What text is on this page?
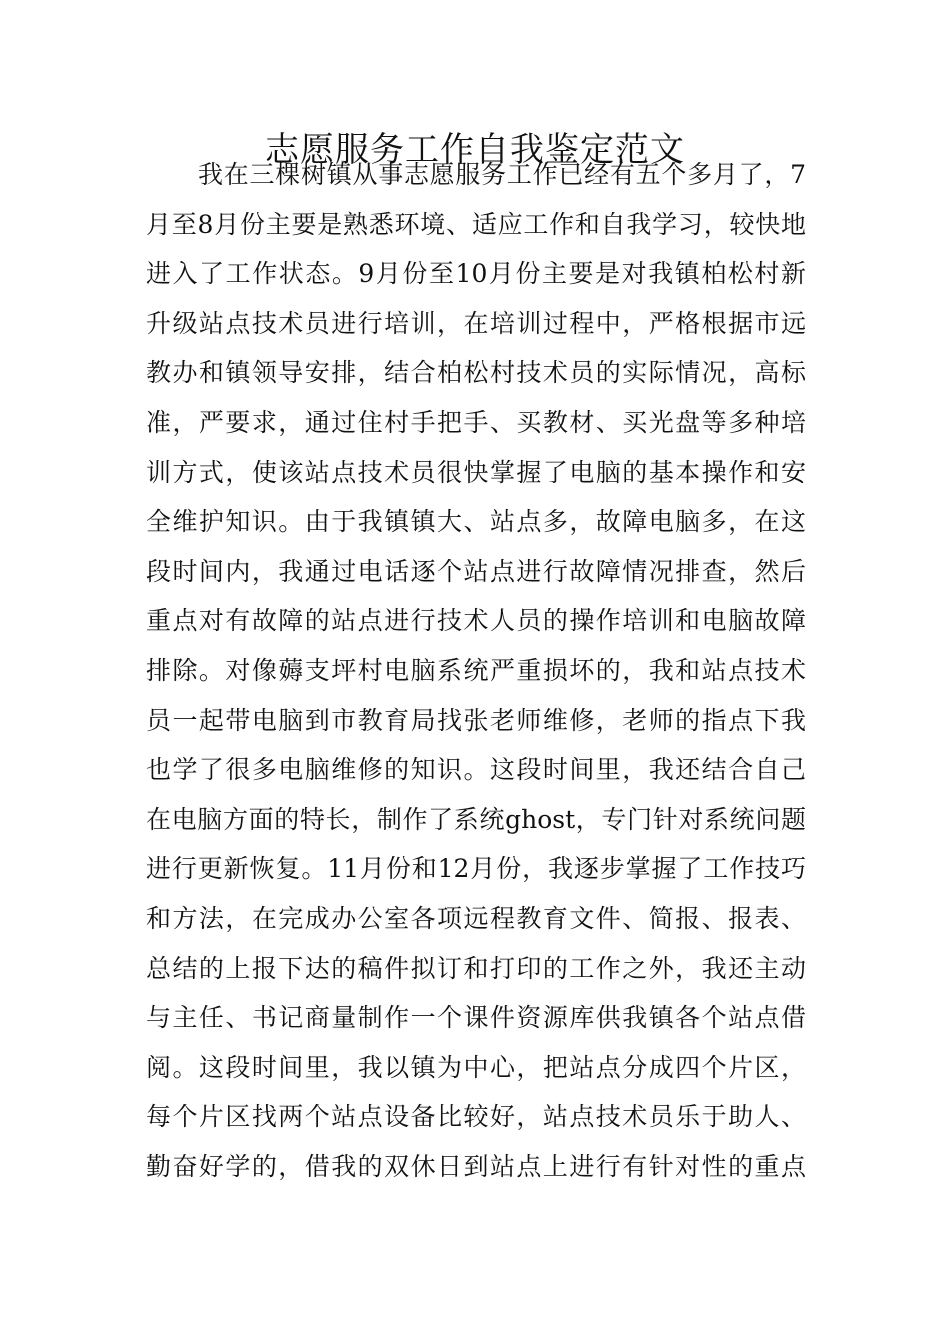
志愿服务工作自我鉴定范文
我在三棵树镇从事志愿服务工作已经有五个多月了，7
月至8月份主要是熟悉环境、适应工作和自我学习，较快地
进入了工作状态。9月份至10月份主要是对我镇柏松村新
升级站点技术员进行培训，在培训过程中，严格根据市远
教办和镇领导安排，结合柏松村技术员的实际情况，高标
准，严要求，通过住村手把手、买教材、买光盘等多种培
训方式，使该站点技术员很快掌握了电脑的基本操作和安
全维护知识。由于我镇镇大、站点多，故障电脑多，在这
段时间内，我通过电话逐个站点进行故障情况排查，然后
重点对有故障的站点进行技术人员的操作培训和电脑故障
排除。对像薅支坪村电脑系统严重损坏的，我和站点技术
员一起带电脑到市教育局找张老师维修，老师的指点下我
也学了很多电脑维修的知识。这段时间里，我还结合自己
在电脑方面的特长，制作了系统ghost，专门针对系统问题
进行更新恢复。11月份和12月份，我逐步掌握了工作技巧
和方法，在完成办公室各项远程教育文件、简报、报表、
总结的上报下达的稿件拟订和打印的工作之外，我还主动
与主任、书记商量制作一个课件资源库供我镇各个站点借
阅。这段时间里，我以镇为中心，把站点分成四个片区，
每个片区找两个站点设备比较好，站点技术员乐于助人、
勤奋好学的，借我的双休日到站点上进行有针对性的重点
